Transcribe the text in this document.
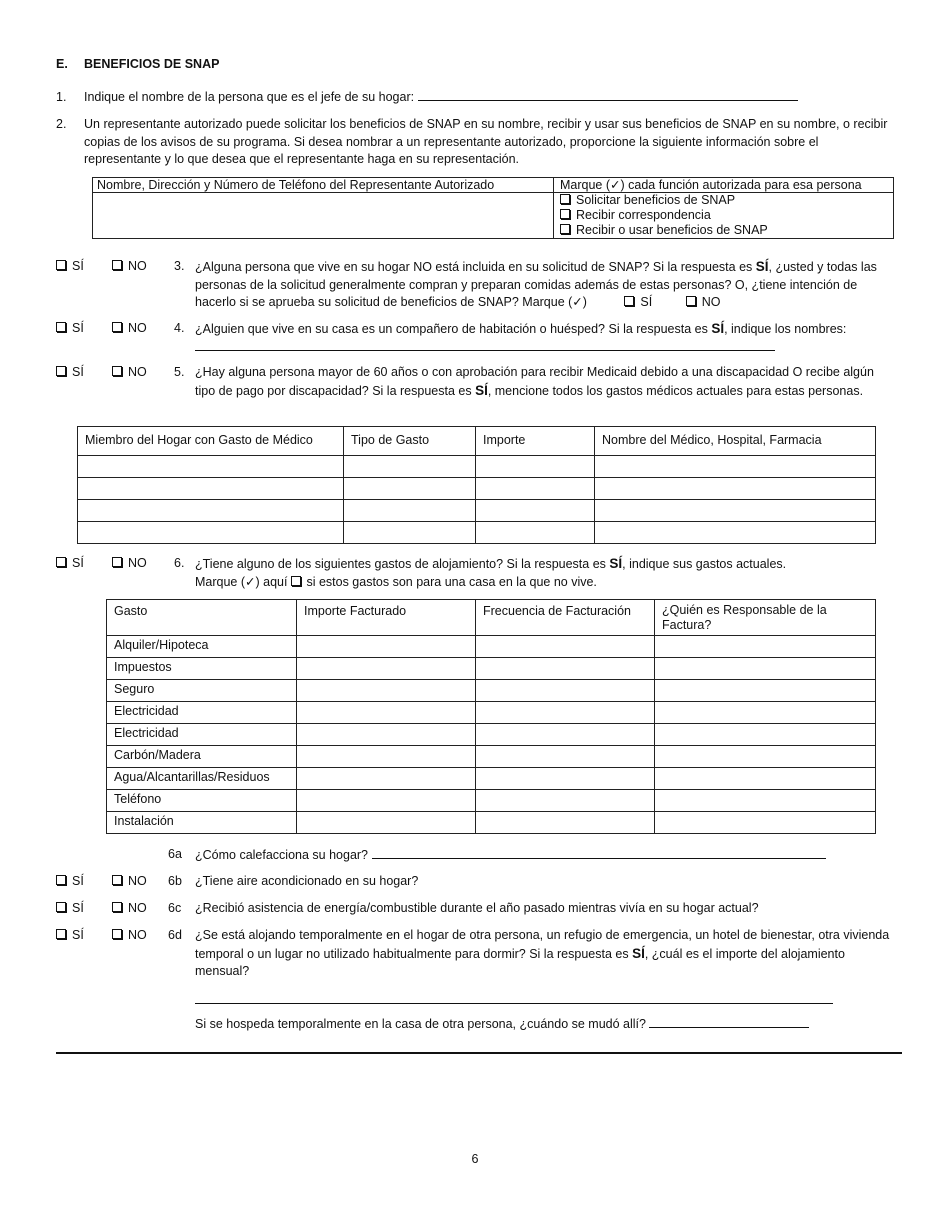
E. BENEFICIOS DE SNAP
1. Indique el nombre de la persona que es el jefe de su hogar:
2. Un representante autorizado puede solicitar los beneficios de SNAP en su nombre, recibir y usar sus beneficios de SNAP en su nombre, o recibir copias de los avisos de su programa. Si desea nombrar a un representante autorizado, proporcione la siguiente información sobre el representante y lo que desea que el representante haga en su representación.
Nombre, Dirección y Número de Teléfono del Representante Autorizado	Marque (✓) cada función autorizada para esa persona

	Solicitar beneficios de SNAP
Recibir correspondencia
Recibir o usar beneficios de SNAP
SÍ	NO 3. ¿Alguna persona que vive en su hogar NO está incluida en su solicitud de SNAP? Si la respuesta es SÍ, ¿usted y todas las personas de la solicitud generalmente compran y preparan comidas además de estas personas? O, ¿tiene intención de hacerlo si se aprueba su solicitud de beneficios de SNAP? Marque (✓)	SÍ	NO
SÍ	NO 4. ¿Alguien que vive en su casa es un compañero de habitación o huésped? Si la respuesta es SÍ, indique los nombres:
SÍ	NO 5. ¿Hay alguna persona mayor de 60 años o con aprobación para recibir Medicaid debido a una discapacidad O recibe algún tipo de pago por discapacidad? Si la respuesta es SÍ, mencione todos los gastos médicos actuales para estas personas.
Miembro del Hogar con Gasto de Médico	Tipo de Gasto	Importe	Nombre del Médico, Hospital, Farmacia

SÍ	NO 6. ¿Tiene alguno de los siguientes gastos de alojamiento? Si la respuesta es SÍ, indique sus gastos actuales.
Marque (✓) aquí si estos gastos son para una casa en la que no vive.
Gasto	Importe Facturado	Frecuencia de Facturación	¿Quién es Responsable de la Factura?
Alquiler/Hipoteca			
Impuestos			
Seguro			
Electricidad			
Electricidad			
Carbón/Madera			
Agua/Alcantarillas/Residuos			
Teléfono			
Instalación			
6a ¿Cómo calefacciona su hogar?
SÍ	NO 6b ¿Tiene aire acondicionado en su hogar?
SÍ	NO 6c ¿Recibió asistencia de energía/combustible durante el año pasado mientras vivía en su hogar actual?
SÍ	NO 6d ¿Se está alojando temporalmente en el hogar de otra persona, un refugio de emergencia, un hotel de bienestar, otra vivienda temporal o un lugar no utilizado habitualmente para dormir? Si la respuesta es SÍ, ¿cuál es el importe del alojamiento mensual?
Si se hospeda temporalmente en la casa de otra persona, ¿cuándo se mudó allí?
6
